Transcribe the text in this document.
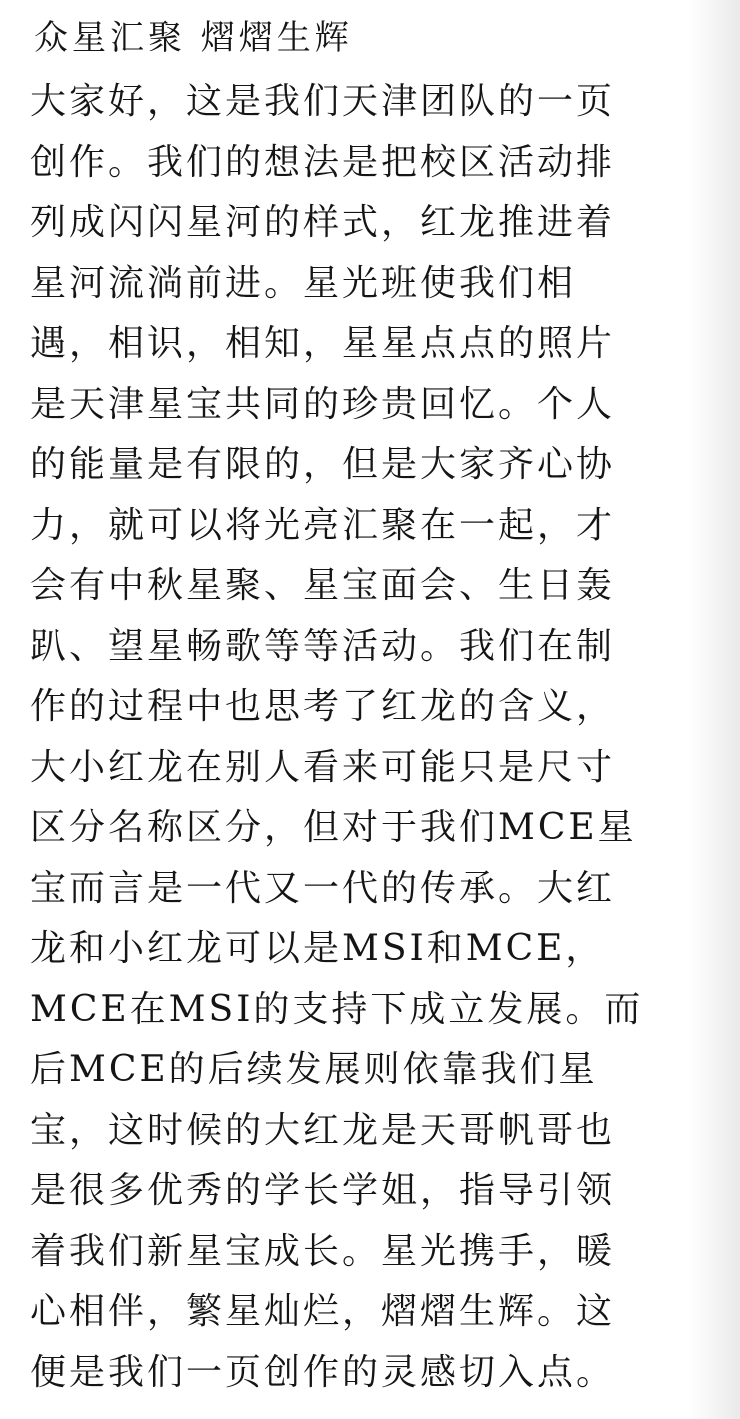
众星汇聚 熠熠生辉
大家好，这是我们天津团队的一页
创作。我们的想法是把校区活动排
列成闪闪星河的样式，红龙推进着
星河流淌前进。星光班使我们相
遇，相识，相知，星星点点的照片
是天津星宝共同的珍贵回忆。个人
的能量是有限的，但是大家齐心协
力，就可以将光亮汇聚在一起，才
会有中秋星聚、星宝面会、生日轰
趴、望星畅歌等等活动。我们在制
作的过程中也思考了红龙的含义，
大小红龙在别人看来可能只是尺寸
区分名称区分，但对于我们MCE星
宝而言是一代又一代的传承。大红
龙和小红龙可以是MSI和MCE，
MCE在MSI的支持下成立发展。而
后MCE的后续发展则依靠我们星
宝，这时候的大红龙是天哥帆哥也
是很多优秀的学长学姐，指导引领
着我们新星宝成长。星光携手，暖
心相伴，繁星灿烂，熠熠生辉。这
便是我们一页创作的灵感切入点。
